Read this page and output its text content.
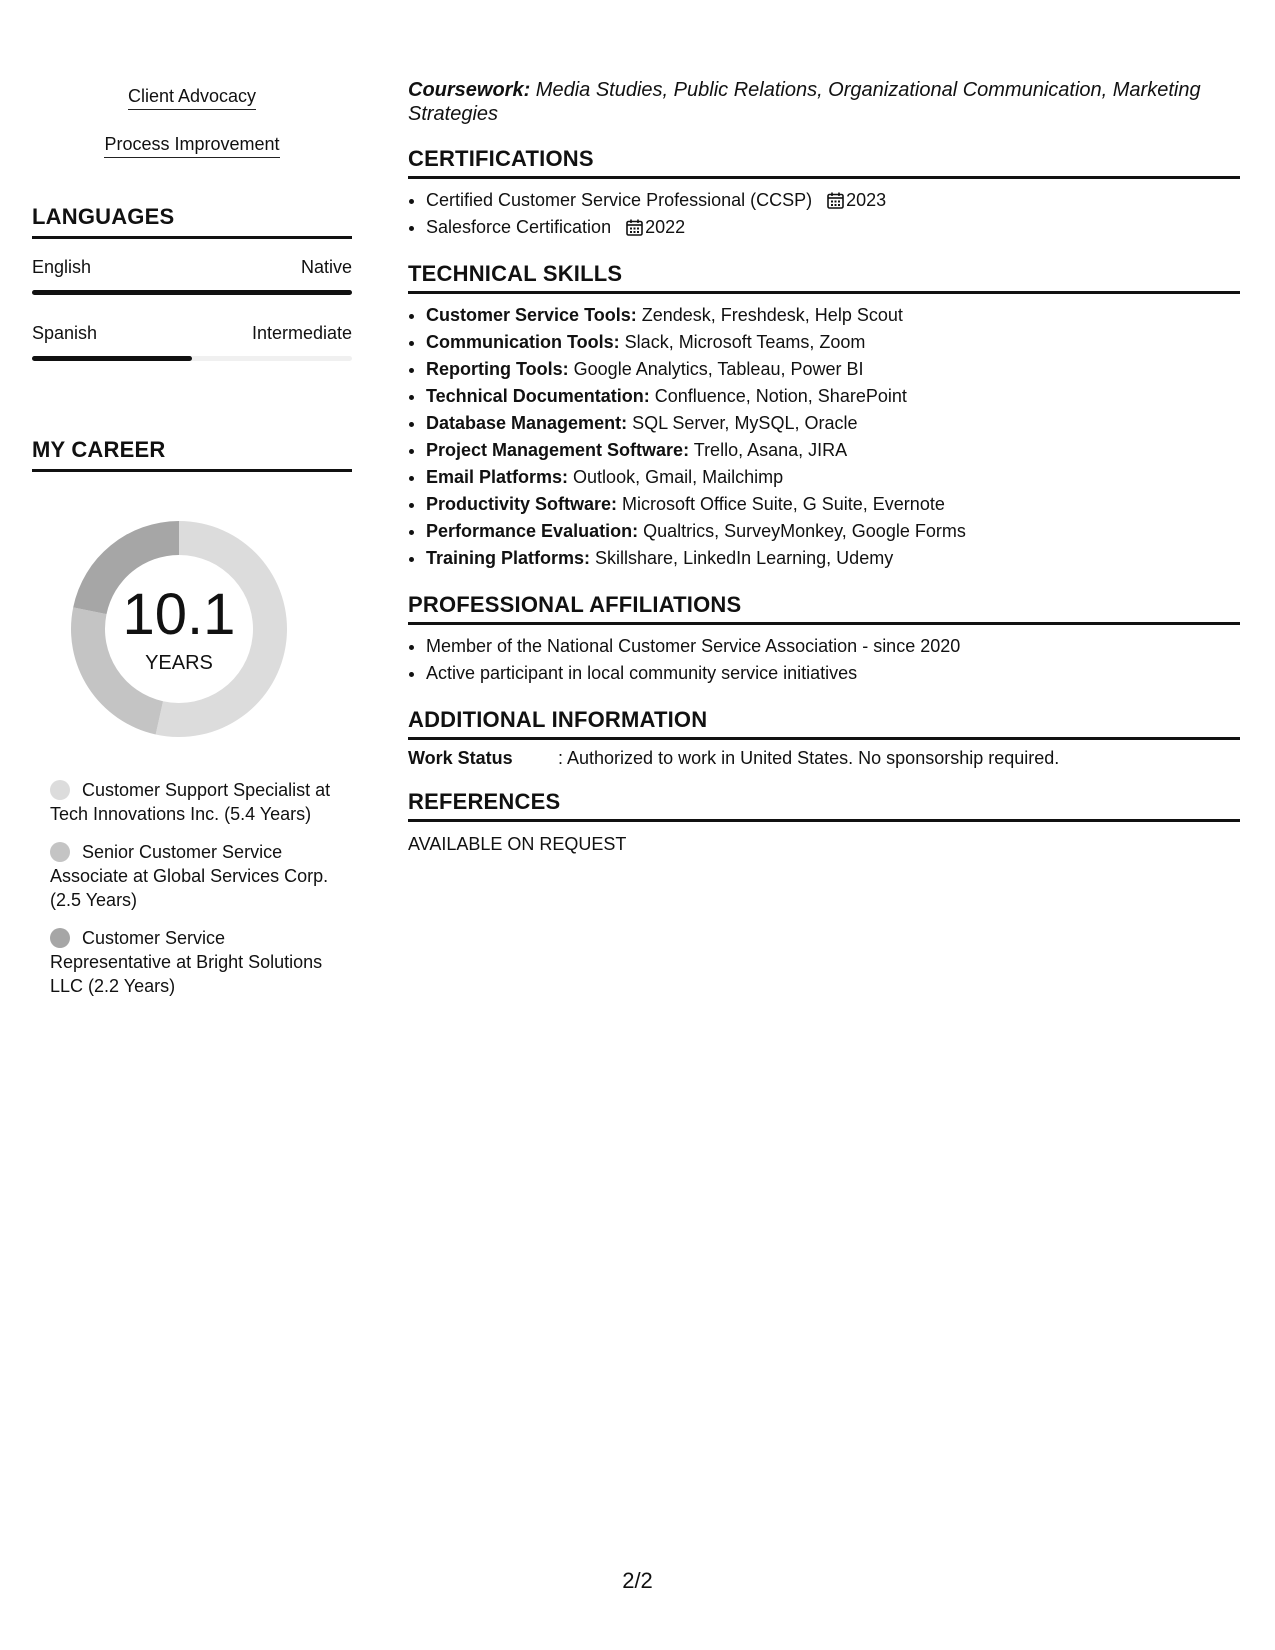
Client Advocacy
Process Improvement
LANGUAGES
English	Native
Spanish	Intermediate
MY CAREER
10.1
YEARS
Customer Support Specialist at Tech Innovations Inc. (5.4 Years)
Senior Customer Service Associate at Global Services Corp. (2.5 Years)
Customer Service Representative at Bright Solutions LLC (2.2 Years)
Coursework: Media Studies, Public Relations, Organizational Communication, Marketing Strategies
CERTIFICATIONS
• Certified Customer Service Professional (CCSP) 2023
• Salesforce Certification 2022
TECHNICAL SKILLS
• Customer Service Tools: Zendesk, Freshdesk, Help Scout
• Communication Tools: Slack, Microsoft Teams, Zoom
• Reporting Tools: Google Analytics, Tableau, Power BI
• Technical Documentation: Confluence, Notion, SharePoint
• Database Management: SQL Server, MySQL, Oracle
• Project Management Software: Trello, Asana, JIRA
• Email Platforms: Outlook, Gmail, Mailchimp
• Productivity Software: Microsoft Office Suite, G Suite, Evernote
• Performance Evaluation: Qualtrics, SurveyMonkey, Google Forms
• Training Platforms: Skillshare, LinkedIn Learning, Udemy
PROFESSIONAL AFFILIATIONS
• Member of the National Customer Service Association - since 2020
• Active participant in local community service initiatives
ADDITIONAL INFORMATION
Work Status	: Authorized to work in United States. No sponsorship required.
REFERENCES
AVAILABLE ON REQUEST
2/2
